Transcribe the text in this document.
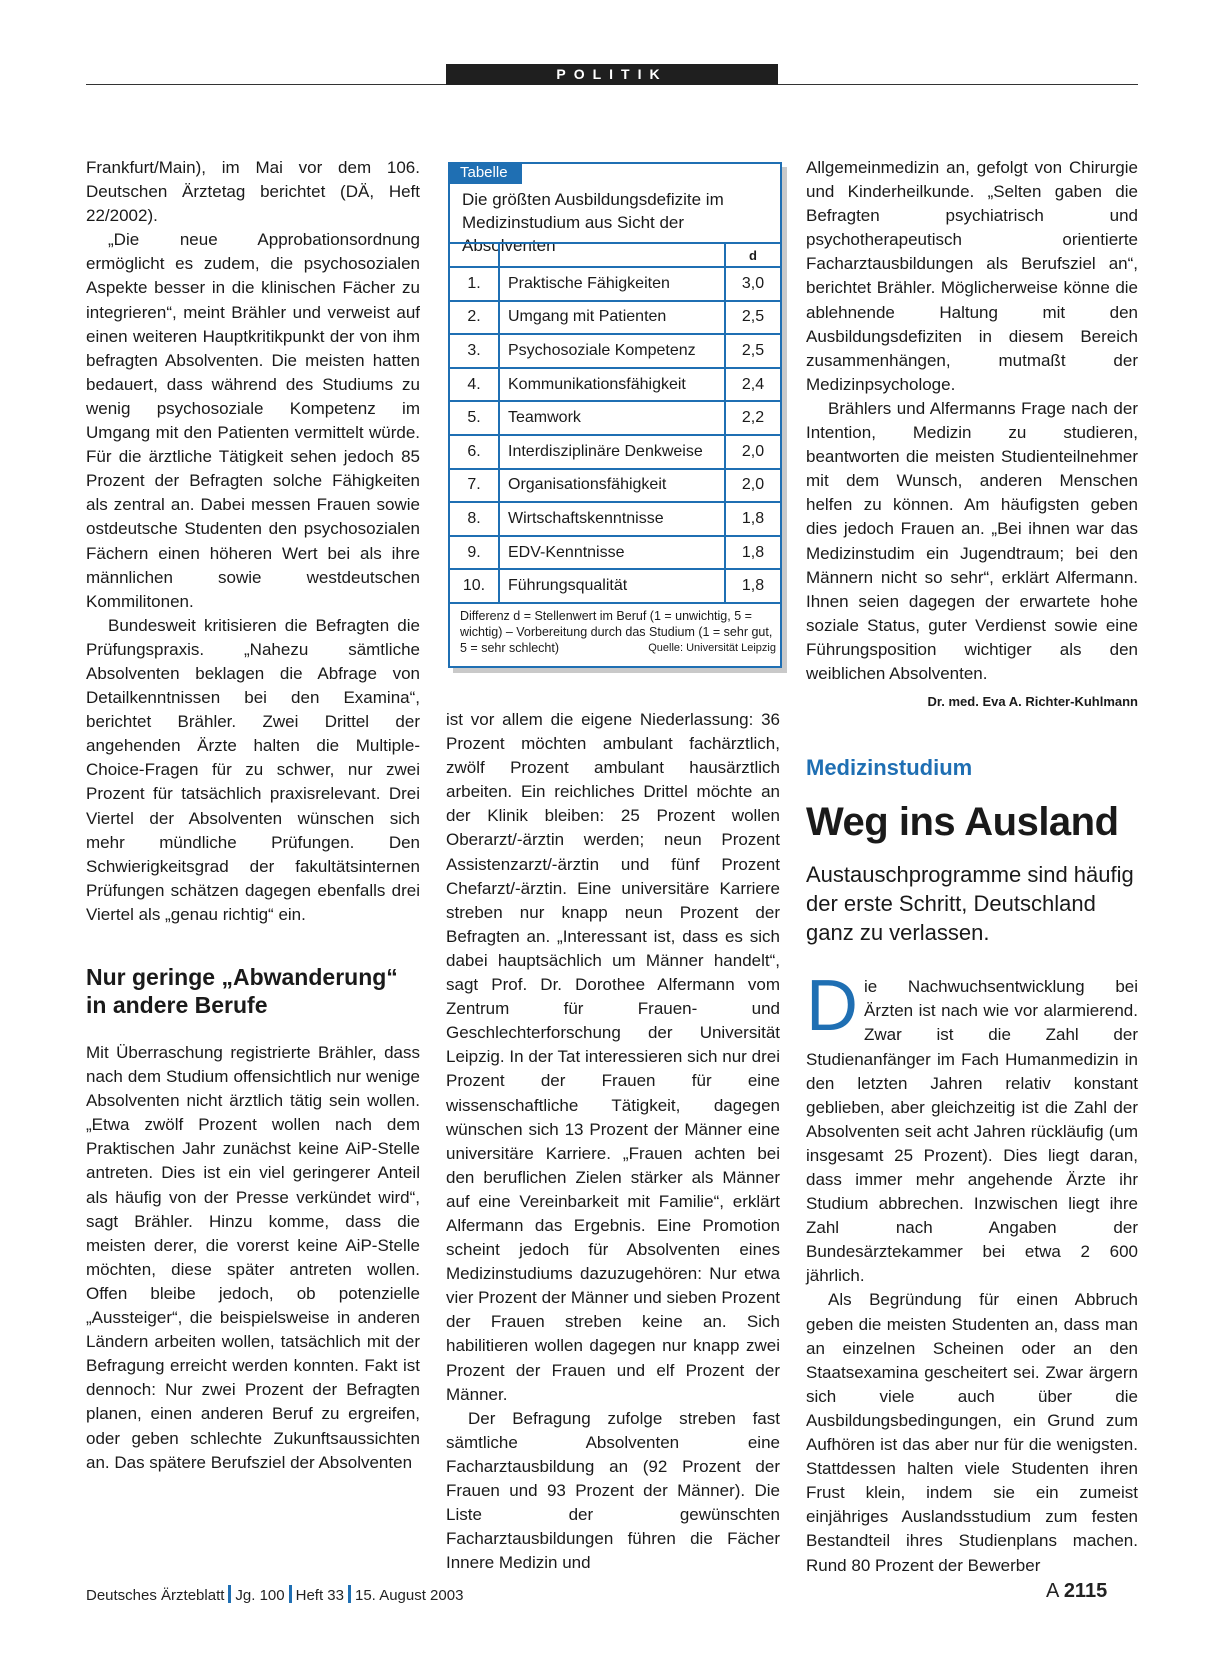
POLITIK

Frankfurt/Main), im Mai vor dem 106. Deutschen Ärztetag berichtet (DÄ, Heft 22/2002).

„Die neue Approbationsordnung ermöglicht es zudem, die psychosozialen Aspekte besser in die klinischen Fächer zu integrieren“, meint Brähler und verweist auf einen weiteren Hauptkritikpunkt der von ihm befragten Absolventen. Die meisten hatten bedauert, dass während des Studiums zu wenig psychosoziale Kompetenz im Umgang mit den Patienten vermittelt würde. Für die ärztliche Tätigkeit sehen jedoch 85 Prozent der Befragten solche Fähigkeiten als zentral an. Dabei messen Frauen sowie ostdeutsche Studenten den psychosozialen Fächern einen höheren Wert bei als ihre männlichen sowie westdeutschen Kommilitonen.

Bundesweit kritisieren die Befragten die Prüfungspraxis. „Nahezu sämtliche Absolventen beklagen die Abfrage von Detailkenntnissen bei den Examina“, berichtet Brähler. Zwei Drittel der angehenden Ärzte halten die Multiple-Choice-Fragen für zu schwer, nur zwei Prozent für tatsächlich praxisrelevant. Drei Viertel der Absolventen wünschen sich mehr mündliche Prüfungen. Den Schwierigkeitsgrad der fakultätsinternen Prüfungen schätzen dagegen ebenfalls drei Viertel als „genau richtig“ ein.

Nur geringe „Abwanderung“ in andere Berufe

Mit Überraschung registrierte Brähler, dass nach dem Studium offensichtlich nur wenige Absolventen nicht ärztlich tätig sein wollen. „Etwa zwölf Prozent wollen nach dem Praktischen Jahr zunächst keine AiP-Stelle antreten. Dies ist ein viel geringerer Anteil als häufig von der Presse verkündet wird“, sagt Brähler. Hinzu komme, dass die meisten derer, die vorerst keine AiP-Stelle möchten, diese später antreten wollen. Offen bleibe jedoch, ob potenzielle „Aussteiger“, die beispielsweise in anderen Ländern arbeiten wollen, tatsächlich mit der Befragung erreicht werden konnten. Fakt ist dennoch: Nur zwei Prozent der Befragten planen, einen anderen Beruf zu ergreifen, oder geben schlechte Zukunftsaussichten an. Das spätere Berufsziel der Absolventen

Tabelle
Die größten Ausbildungsdefizite im Medizinstudium aus Sicht der Absolventen
			d
1.	Praktische Fähigkeiten	3,0
2.	Umgang mit Patienten	2,5
3.	Psychosoziale Kompetenz	2,5
4.	Kommunikationsfähigkeit	2,4
5.	Teamwork	2,2
6.	Interdisziplinäre Denkweise	2,0
7.	Organisationsfähigkeit	2,0
8.	Wirtschaftskenntnisse	1,8
9.	EDV-Kenntnisse	1,8
10.	Führungsqualität	1,8
Differenz d = Stellenwert im Beruf (1 = unwichtig, 5 = wichtig) – Vorbereitung durch das Studium (1 = sehr gut, 5 = sehr schlecht)	Quelle: Universität Leipzig

ist vor allem die eigene Niederlassung: 36 Prozent möchten ambulant fachärztlich, zwölf Prozent ambulant hausärztlich arbeiten. Ein reichliches Drittel möchte an der Klinik bleiben: 25 Prozent wollen Oberarzt/-ärztin werden; neun Prozent Assistenzarzt/-ärztin und fünf Prozent Chefarzt/-ärztin. Eine universitäre Karriere streben nur knapp neun Prozent der Befragten an. „Interessant ist, dass es sich dabei hauptsächlich um Männer handelt“, sagt Prof. Dr. Dorothee Alfermann vom Zentrum für Frauen- und Geschlechterforschung der Universität Leipzig. In der Tat interessieren sich nur drei Prozent der Frauen für eine wissenschaftliche Tätigkeit, dagegen wünschen sich 13 Prozent der Männer eine universitäre Karriere. „Frauen achten bei den beruflichen Zielen stärker als Männer auf eine Vereinbarkeit mit Familie“, erklärt Alfermann das Ergebnis. Eine Promotion scheint jedoch für Absolventen eines Medizinstudiums dazuzugehören: Nur etwa vier Prozent der Männer und sieben Prozent der Frauen streben keine an. Sich habilitieren wollen dagegen nur knapp zwei Prozent der Frauen und elf Prozent der Männer.

Der Befragung zufolge streben fast sämtliche Absolventen eine Facharztausbildung an (92 Prozent der Frauen und 93 Prozent der Männer). Die Liste der gewünschten Facharztausbildungen führen die Fächer Innere Medizin und

Allgemeinmedizin an, gefolgt von Chirurgie und Kinderheilkunde. „Selten gaben die Befragten psychiatrisch und psychotherapeutisch orientierte Facharztausbildungen als Berufsziel an“, berichtet Brähler. Möglicherweise könne die ablehnende Haltung mit den Ausbildungsdefiziten in diesem Bereich zusammenhängen, mutmaßt der Medizinpsychologe.

Brählers und Alfermanns Frage nach der Intention, Medizin zu studieren, beantworten die meisten Studienteilnehmer mit dem Wunsch, anderen Menschen helfen zu können. Am häufigsten geben dies jedoch Frauen an. „Bei ihnen war das Medizinstudim ein Jugendtraum; bei den Männern nicht so sehr“, erklärt Alfermann. Ihnen seien dagegen der erwartete hohe soziale Status, guter Verdienst sowie eine Führungsposition wichtiger als den weiblichen Absolventen.
Dr. med. Eva A. Richter-Kuhlmann

Medizinstudium
Weg ins Ausland
Austauschprogramme sind häufig der erste Schritt, Deutschland ganz zu verlassen.

Die Nachwuchsentwicklung bei Ärzten ist nach wie vor alarmierend. Zwar ist die Zahl der Studienanfänger im Fach Humanmedizin in den letzten Jahren relativ konstant geblieben, aber gleichzeitig ist die Zahl der Absolventen seit acht Jahren rückläufig (um insgesamt 25 Prozent). Dies liegt daran, dass immer mehr angehende Ärzte ihr Studium abbrechen. Inzwischen liegt ihre Zahl nach Angaben der Bundesärztekammer bei etwa 2 600 jährlich.

Als Begründung für einen Abbruch geben die meisten Studenten an, dass man an einzelnen Scheinen oder an den Staatsexamina gescheitert sei. Zwar ärgern sich viele auch über die Ausbildungsbedingungen, ein Grund zum Aufhören ist das aber nur für die wenigsten. Stattdessen halten viele Studenten ihren Frust klein, indem sie ein zumeist einjähriges Auslandsstudium zum festen Bestandteil ihres Studienplans machen. Rund 80 Prozent der Bewerber

Deutsches Ärzteblatt Jg. 100 Heft 33 15. August 2003	A 2115
